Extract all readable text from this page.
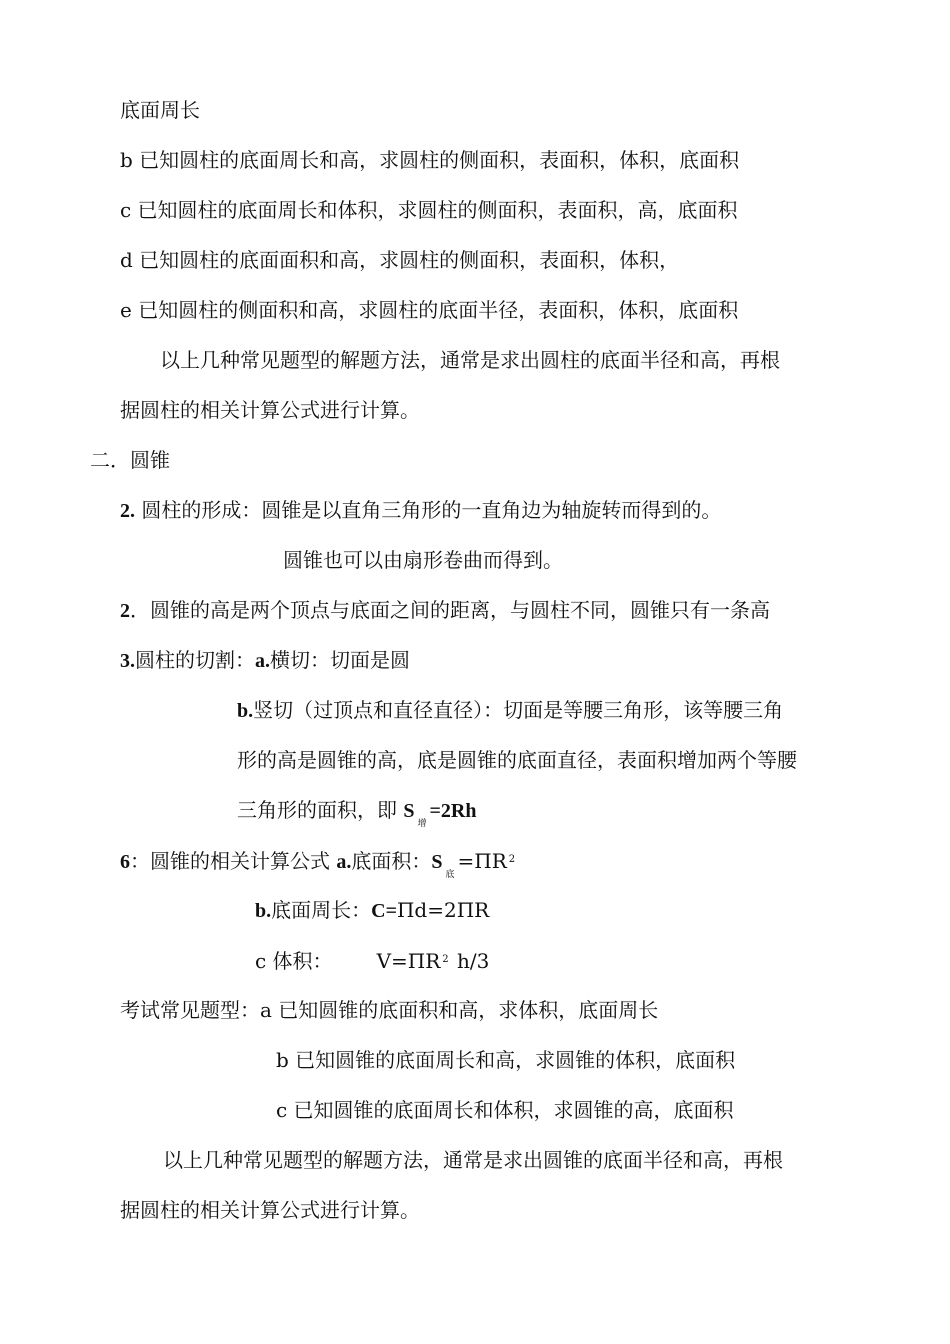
底面周长
b 已知圆柱的底面周长和高，求圆柱的侧面积，表面积，体积，底面积
c 已知圆柱的底面周长和体积，求圆柱的侧面积，表面积，高，底面积
d 已知圆柱的底面面积和高，求圆柱的侧面积，表面积，体积，
e 已知圆柱的侧面积和高，求圆柱的底面半径，表面积，体积，底面积
以上几种常见题型的解题方法，通常是求出圆柱的底面半径和高，再根
据圆柱的相关计算公式进行计算。
二．圆锥
2. 圆柱的形成：圆锥是以直角三角形的一直角边为轴旋转而得到的。
圆锥也可以由扇形卷曲而得到。
2．圆锥的高是两个顶点与底面之间的距离，与圆柱不同，圆锥只有一条高
3.圆柱的切割：a.横切：切面是圆
b.竖切（过顶点和直径直径）：切面是等腰三角形，该等腰三角
形的高是圆锥的高，底是圆锥的底面直径，表面积增加两个等腰
三角形的面积，即 $S_增=2Rh$
6：圆锥的相关计算公式 a.底面积：$S_底=\Pi R$ $^2$
b.底面周长：C=Πd=2ΠR
c 体积： V=ΠR $^2$ h/3
考试常见题型：a 已知圆锥的底面积和高，求体积，底面周长
b 已知圆锥的底面周长和高，求圆锥的体积，底面积
c 已知圆锥的底面周长和体积，求圆锥的高，底面积
以上几种常见题型的解题方法，通常是求出圆锥的底面半径和高，再根
据圆柱的相关计算公式进行计算。
